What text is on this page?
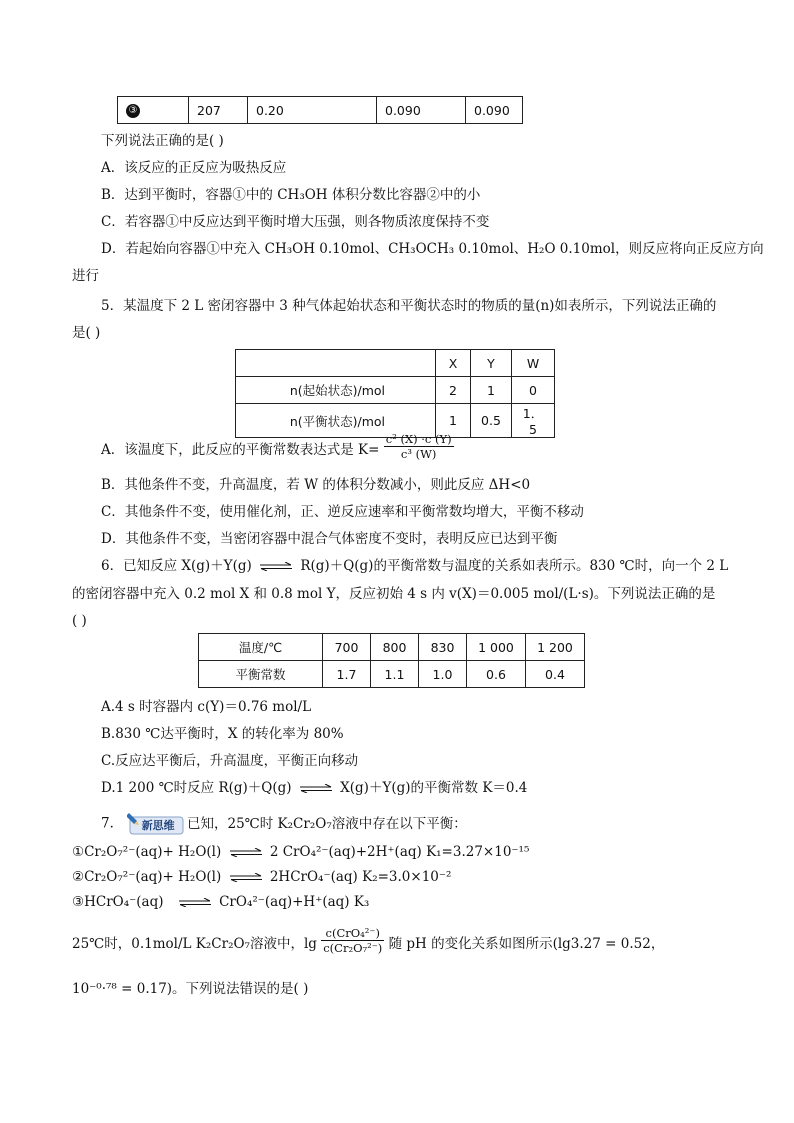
③	207	0.20	0.090	0.090
下列说法正确的是( )
A．该反应的正反应为吸热反应
B．达到平衡时，容器①中的 CH₃OH 体积分数比容器②中的小
C．若容器①中反应达到平衡时增大压强，则各物质浓度保持不变
D．若起始向容器①中充入 CH₃OH 0.10mol、CH₃OCH₃ 0.10mol、H₂O 0.10mol，则反应将向正反应方向
进行
5．某温度下 2 L 密闭容器中 3 种气体起始状态和平衡状态时的物质的量(n)如表所示，下列说法正确的
是( )
	X	Y	W
n(起始状态)/mol	2	1	0
n(平衡状态)/mol	1	0.5	1．5
A．该温度下，此反应的平衡常数表达式是 $K= \frac{\text{c² (X) ·c (Y)}}{\text{c³ (W)}}$
B．其他条件不变，升高温度，若 W 的体积分数减小，则此反应 ΔH<0
C．其他条件不变，使用催化剂，正、逆反应速率和平衡常数均增大，平衡不移动
D．其他条件不变，当密闭容器中混合气体密度不变时，表明反应已达到平衡
6．已知反应 X(g)＋Y(g) ⇌ R(g)＋Q(g)的平衡常数与温度的关系如表所示。830 ℃时，向一个 2 L
的密闭容器中充入 0.2 mol X 和 0.8 mol Y，反应初始 4 s 内 v(X)＝0.005 mol/(L·s)。下列说法正确的是
( )
温度/℃	700	800	830	1 000	1 200
平衡常数	1.7	1.1	1.0	0.6	0.4
A.4 s 时容器内 c(Y)＝0.76 mol/L
B.830 ℃达平衡时，X 的转化率为 80%
C.反应达平衡后，升高温度，平衡正向移动
D.1 200 ℃时反应 R(g)＋Q(g) ⇌ X(g)＋Y(g)的平衡常数 K＝0.4
7． 新思维 已知，25℃时 K₂Cr₂O₇溶液中存在以下平衡：
①Cr₂O₇²⁻(aq)+ H₂O(l) ⇌ 2 CrO₄²⁻(aq)+2H⁺(aq) K₁=3.27×10⁻¹⁵
②Cr₂O₇²⁻(aq)+ H₂O(l) ⇌ 2HCrO₄⁻(aq) K₂=3.0×10⁻²
③HCrO₄⁻(aq) ⇌ CrO₄²⁻(aq)+H⁺(aq) K₃
25℃时，0.1mol/L K₂Cr₂O₇溶液中，$\lg \frac{\text{c(CrO₄²⁻)}}{\text{c(Cr₂O₇²⁻)}}$ 随 pH 的变化关系如图所示(lg3.27 = 0.52，
10⁻⁰·⁷⁸ = 0.17)。下列说法错误的是( )
